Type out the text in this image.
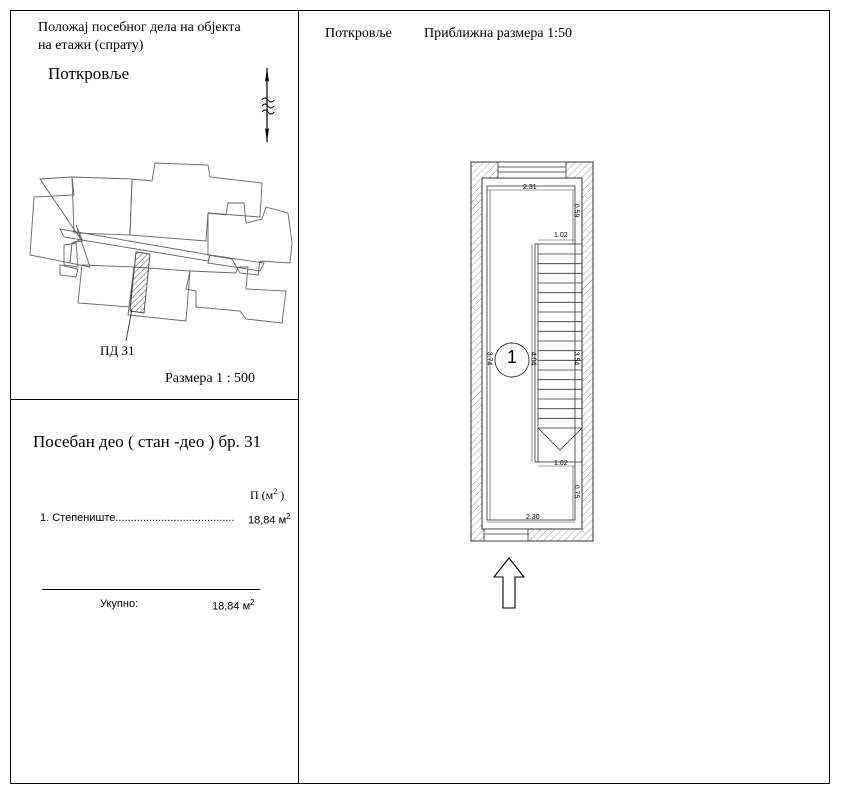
Положај посебног дела на објекта
на етажи (спрату)
Поткровље
ПД 31
Размера 1 : 500
Посебан део ( стан -део ) бр. 31
П ($м^2$ )
1. Степениште....................................... 18,84 $м^2$
Укупно:	18,84 $м^2$
Поткровље Приближна размера 1:50
2.31
1.02
1.02
2.30
3.74	4.04	3.54
0.59
0.75
1
